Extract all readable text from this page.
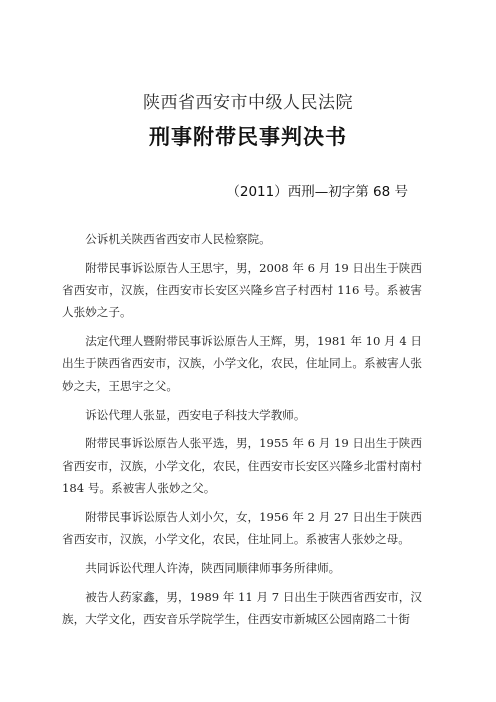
陕西省西安市中级人民法院
刑事附带民事判决书
（2011）西刑—初字第 68 号

公诉机关陕西省西安市人民检察院。

附带民事诉讼原告人王思宇，男，2008 年 6 月 19 日出生于陕西省西安市，汉族，住西安市长安区兴隆乡宫子村西村 116 号。系被害人张妙之子。

法定代理人暨附带民事诉讼原告人王辉，男，1981 年 10 月 4 日出生于陕西省西安市，汉族，小学文化，农民，住址同上。系被害人张妙之夫，王思宇之父。

诉讼代理人张显，西安电子科技大学教师。

附带民事诉讼原告人张平选，男，1955 年 6 月 19 日出生于陕西省西安市，汉族，小学文化，农民，住西安市长安区兴隆乡北雷村南村 184 号。系被害人张妙之父。

附带民事诉讼原告人刘小欠，女，1956 年 2 月 27 日出生于陕西省西安市，汉族，小学文化，农民，住址同上。系被害人张妙之母。

共同诉讼代理人许涛，陕西同顺律师事务所律师。

被告人药家鑫，男，1989 年 11 月 7 日出生于陕西省西安市，汉族，大学文化，西安音乐学院学生，住西安市新城区公园南路二十街
